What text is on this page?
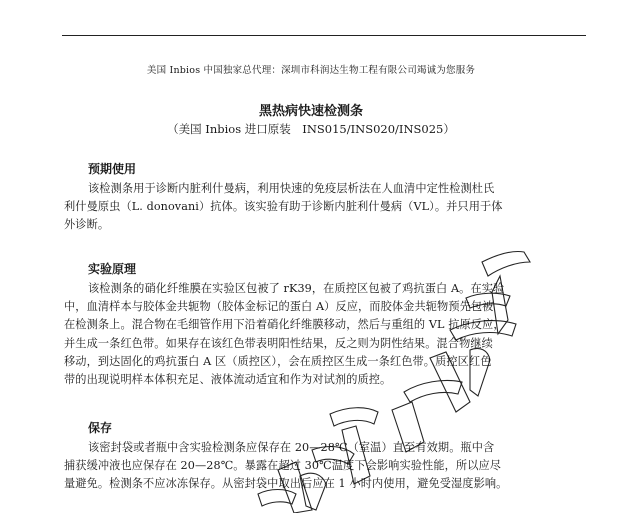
美国 Inbios 中国独家总代理：深圳市科润达生物工程有限公司竭诚为您服务
黑热病快速检测条
（美国 Inbios 进口原装　INS015/INS020/INS025）
预期使用

该检测条用于诊断内脏利什曼病，利用快速的免疫层析法在人血清中定性检测杜氏
利什曼原虫（L. donovani）抗体。该实验有助于诊断内脏利什曼病（VL）。并只用于体
外诊断。

实验原理

该检测条的硝化纤维膜在实验区包被了 rK39，在质控区包被了鸡抗蛋白 A。在实验
中，血清样本与胶体金共轭物（胶体金标记的蛋白 A）反应，而胶体金共轭物预先包被
在检测条上。混合物在毛细管作用下沿着硝化纤维膜移动，然后与重组的 VL 抗原反应，
并生成一条红色带。如果存在该红色带表明阳性结果，反之则为阴性结果。混合物继续
移动，到达固化的鸡抗蛋白 A 区（质控区），会在质控区生成一条红色带。质控区红色
带的出现说明样本体积充足、液体流动适宜和作为对试剂的质控。

保存

该密封袋或者瓶中含实验检测条应保存在 20—28℃（室温）直至有效期。瓶中含
捕获缓冲液也应保存在 20—28℃。暴露在超过 30℃温度下会影响实验性能，所以应尽
量避免。检测条不应冰冻保存。从密封袋中取出后应在 1 小时内使用，避免受湿度影响。
